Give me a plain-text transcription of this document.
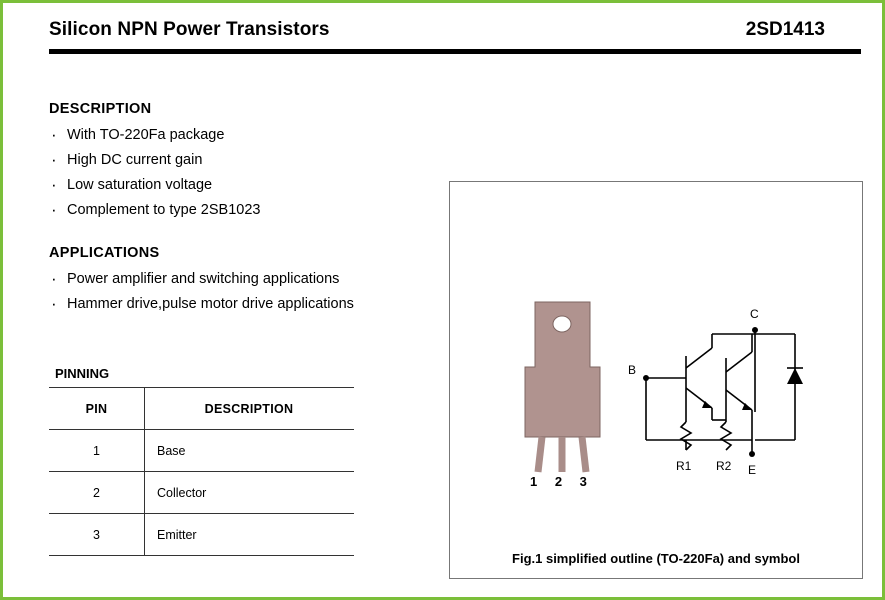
Silicon NPN Power Transistors	2SD1413
DESCRIPTION
· With TO-220Fa package
· High DC current gain
· Low saturation voltage
· Complement to type 2SB1023
APPLICATIONS
· Power amplifier and switching applications
· Hammer drive,pulse motor drive applications
PINNING
PIN	DESCRIPTION
1	Base
2	Collector
3	Emitter
C
B
E
R1 R2
1 2 3
Fig.1 simplified outline (TO-220Fa) and symbol
